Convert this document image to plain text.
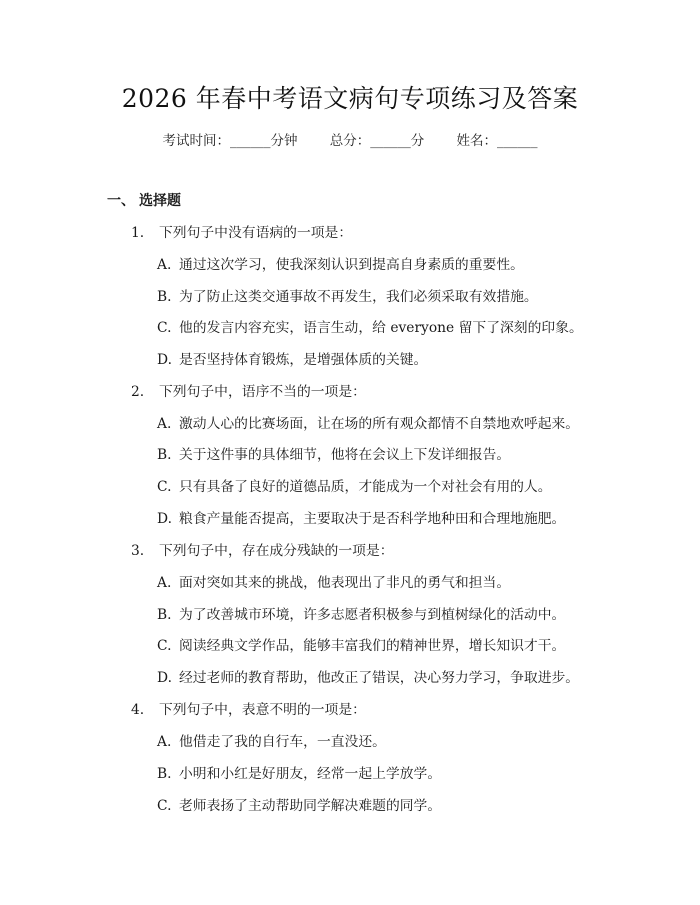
2026 年春中考语文病句专项练习及答案
考试时间：______分钟 总分：______分 姓名：______
一、 选择题
1. 下列句子中没有语病的一项是：
A. 通过这次学习，使我深刻认识到提高自身素质的重要性。
B. 为了防止这类交通事故不再发生，我们必须采取有效措施。
C. 他的发言内容充实，语言生动，给 everyone 留下了深刻的印象。
D. 是否坚持体育锻炼，是增强体质的关键。
2. 下列句子中，语序不当的一项是：
A. 激动人心的比赛场面，让在场的所有观众都情不自禁地欢呼起来。
B. 关于这件事的具体细节，他将在会议上下发详细报告。
C. 只有具备了良好的道德品质，才能成为一个对社会有用的人。
D. 粮食产量能否提高，主要取决于是否科学地种田和合理地施肥。
3. 下列句子中，存在成分残缺的一项是：
A. 面对突如其来的挑战，他表现出了非凡的勇气和担当。
B. 为了改善城市环境，许多志愿者积极参与到植树绿化的活动中。
C. 阅读经典文学作品，能够丰富我们的精神世界，增长知识才干。
D. 经过老师的教育帮助，他改正了错误，决心努力学习，争取进步。
4. 下列句子中，表意不明的一项是：
A. 他借走了我的自行车，一直没还。
B. 小明和小红是好朋友，经常一起上学放学。
C. 老师表扬了主动帮助同学解决难题的同学。
